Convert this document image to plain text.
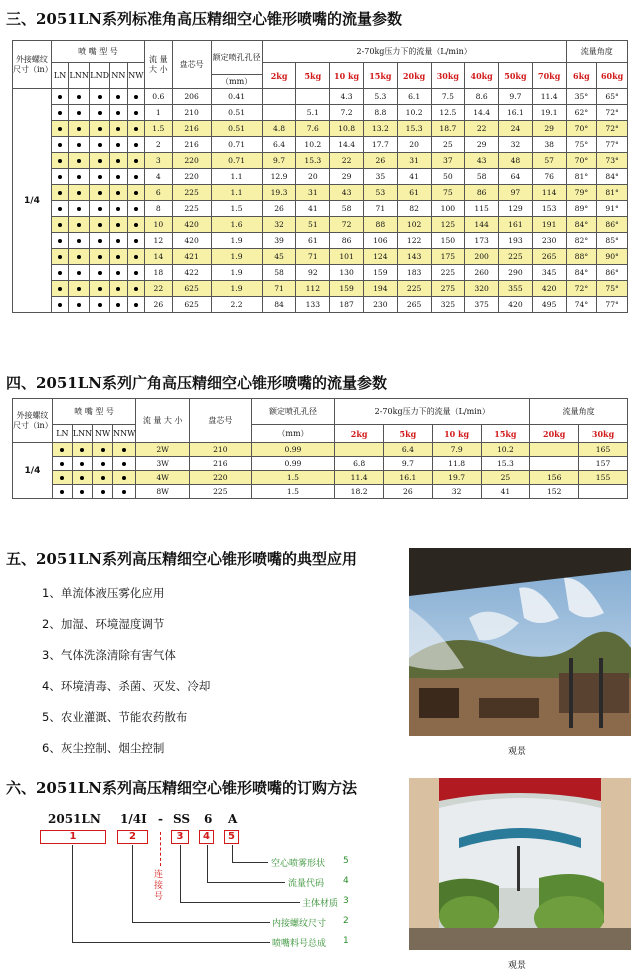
三、2051LN系列标准角高压精细空心锥形喷嘴的流量参数
外接螺纹尺寸（in）	喷 嘴 型 号					流 量 大 小	盘芯号	额定喷孔孔径	2-70kg压力下的流量（L/min）									流量角度	
	LN	LNN	LND	NN	NW				2kg	5kg	10 kg	15kg	20kg	30kg	40kg	50kg	70kg	6kg	60kg
								（mm）											
1/4						0.6	206	0.41			4.3	5.3	6.1	7.5	8.6	9.7	11.4	35°	65°
						1	210	0.51		5.1	7.2	8.8	10.2	12.5	14.4	16.1	19.1	62°	72°
						1.5	216	0.51	4.8	7.6	10.8	13.2	15.3	18.7	22	24	29	70°	72°
						2	216	0.71	6.4	10.2	14.4	17.7	20	25	29	32	38	75°	77°
						3	220	0.71	9.7	15.3	22	26	31	37	43	48	57	70°	73°
						4	220	1.1	12.9	20	29	35	41	50	58	64	76	81°	84°
						6	225	1.1	19.3	31	43	53	61	75	86	97	114	79°	81°
						8	225	1.5	26	41	58	71	82	100	115	129	153	89°	91°
						10	420	1.6	32	51	72	88	102	125	144	161	191	84°	86°
						12	420	1.9	39	61	86	106	122	150	173	193	230	82°	85°
						14	421	1.9	45	71	101	124	143	175	200	225	265	88°	90°
						18	422	1.9	58	92	130	159	183	225	260	290	345	84°	86°
						22	625	1.9	71	112	159	194	225	275	320	355	420	72°	75°
						26	625	2.2	84	133	187	230	265	325	375	420	495	74°	77°
四、2051LN系列广角高压精细空心锥形喷嘴的流量参数
外接螺纹尺寸（in）	喷 嘴 型 号				流 量 大 小	盘芯号	额定喷孔孔径	2-70kg压力下的流量（L/min）				流量角度	
	LN	LNN	NW	NNW			（mm）	2kg	5kg	10 kg	15kg	20kg	30kg
1/4					2W	210	0.99		6.4	7.9	10.2		165
					3W	216	0.99	6.8	9.7	11.8	15.3		157
					4W	220	1.5	11.4	16.1	19.7	25	156	155
					8W	225	1.5	18.2	26	32	41	152	
五、2051LN系列高压精细空心锥形喷嘴的典型应用
1、单流体液压雾化应用
2、加湿、环境湿度调节
3、气体洗涤清除有害气体
4、环境清毒、杀菌、灭发、冷却
5、农业灌溉、节能农药散布
6、灰尘控制、烟尘控制	观景
六、2051LN系列高压精细空心锥形喷嘴的订购方法
2051LN 1/4I - SS 6 A
1	2	3	4	5
连接号
空心喷雾形状 5
流量代码 4
主体材质 3
内接螺纹尺寸 2
喷嘴料号总成 1
观景
